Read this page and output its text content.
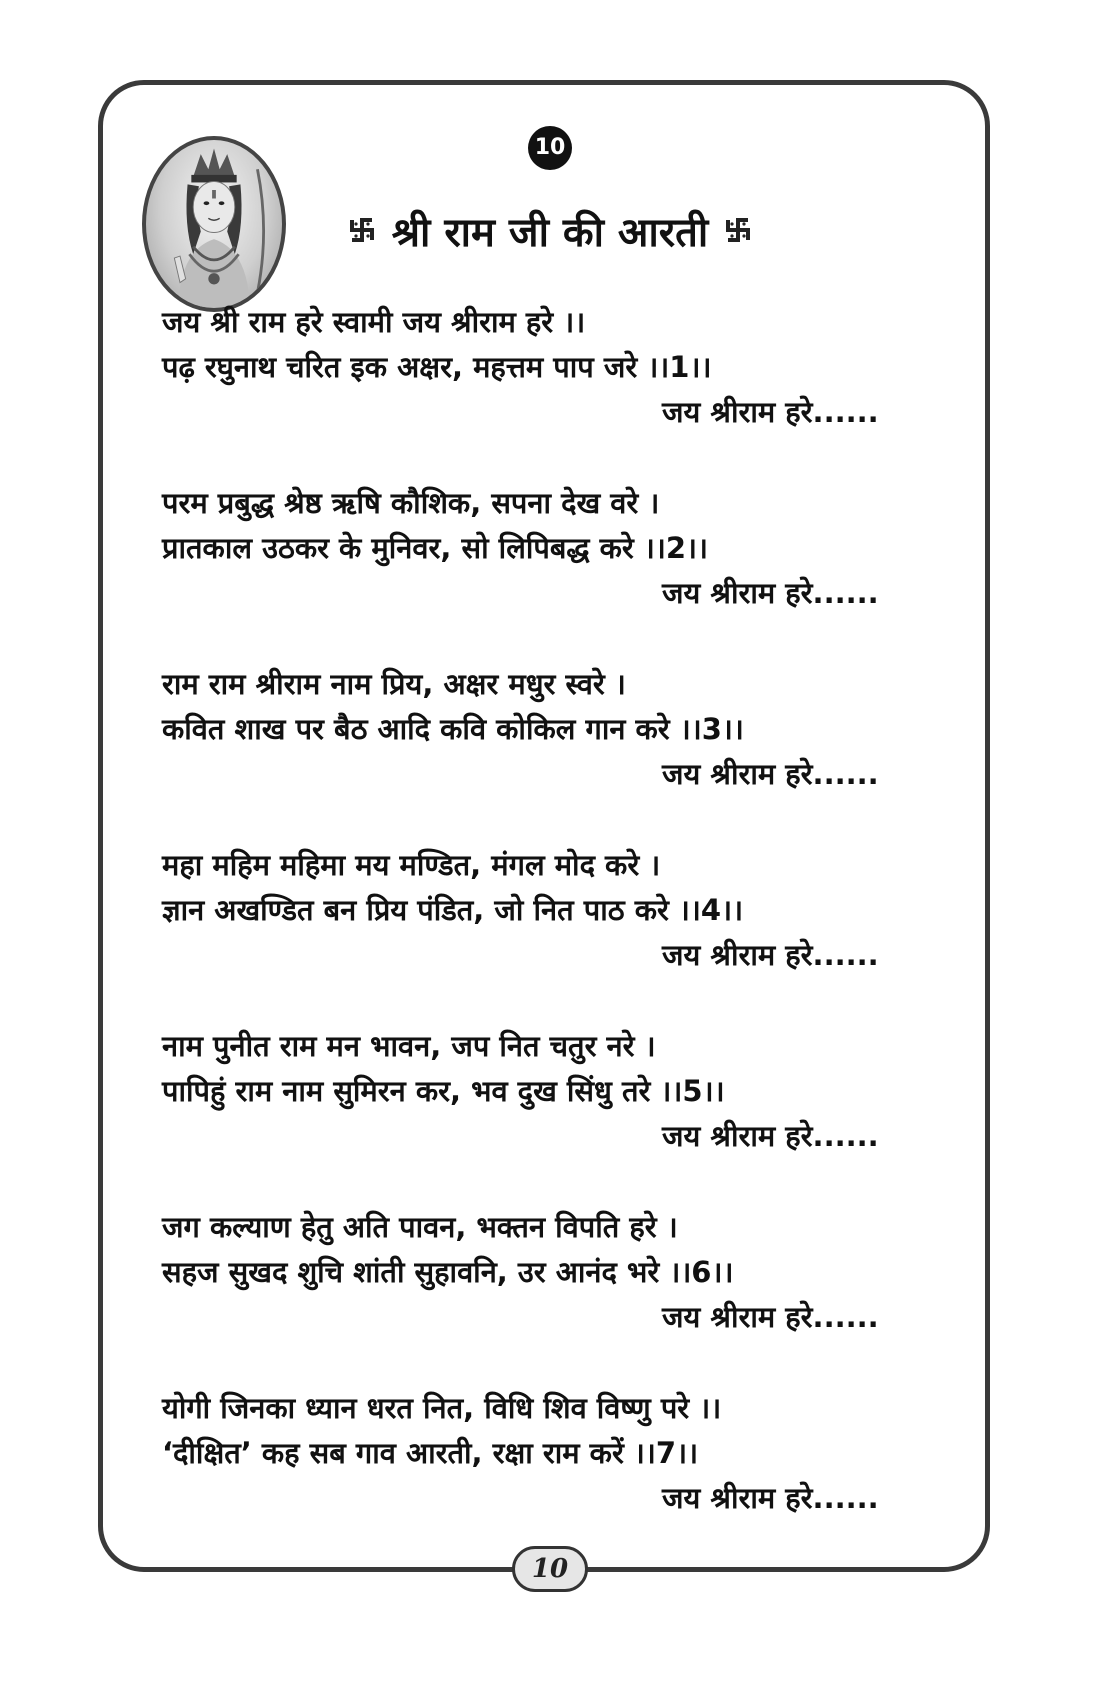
10
श्री राम जी की आरती
जय श्री राम हरे स्वामी जय श्रीराम हरे ।।
पढ़ रघुनाथ चरित इक अक्षर, महत्तम पाप जरे ।।1।।
जय श्रीराम हरे......
परम प्रबुद्ध श्रेष्ठ ऋषि कौशिक, सपना देख वरे ।
प्रातकाल उठकर के मुनिवर, सो लिपिबद्ध करे ।।2।।
जय श्रीराम हरे......
राम राम श्रीराम नाम प्रिय, अक्षर मधुर स्वरे ।
कवित शाख पर बैठ आदि कवि कोकिल गान करे ।।3।।
जय श्रीराम हरे......
महा महिम महिमा मय मण्डित, मंगल मोद करे ।
ज्ञान अखण्डित बन प्रिय पंडित, जो नित पाठ करे ।।4।।
जय श्रीराम हरे......
नाम पुनीत राम मन भावन, जप नित चतुर नरे ।
पापिहुं राम नाम सुमिरन कर, भव दुख सिंधु तरे ।।5।।
जय श्रीराम हरे......
जग कल्याण हेतु अति पावन, भक्तन विपति हरे ।
सहज सुखद शुचि शांती सुहावनि, उर आनंद भरे ।।6।।
जय श्रीराम हरे......
योगी जिनका ध्यान धरत नित, विधि शिव विष्णु परे ।।
‘दीक्षित’ कह सब गाव आरती, रक्षा राम करें ।।7।।
जय श्रीराम हरे......
10
